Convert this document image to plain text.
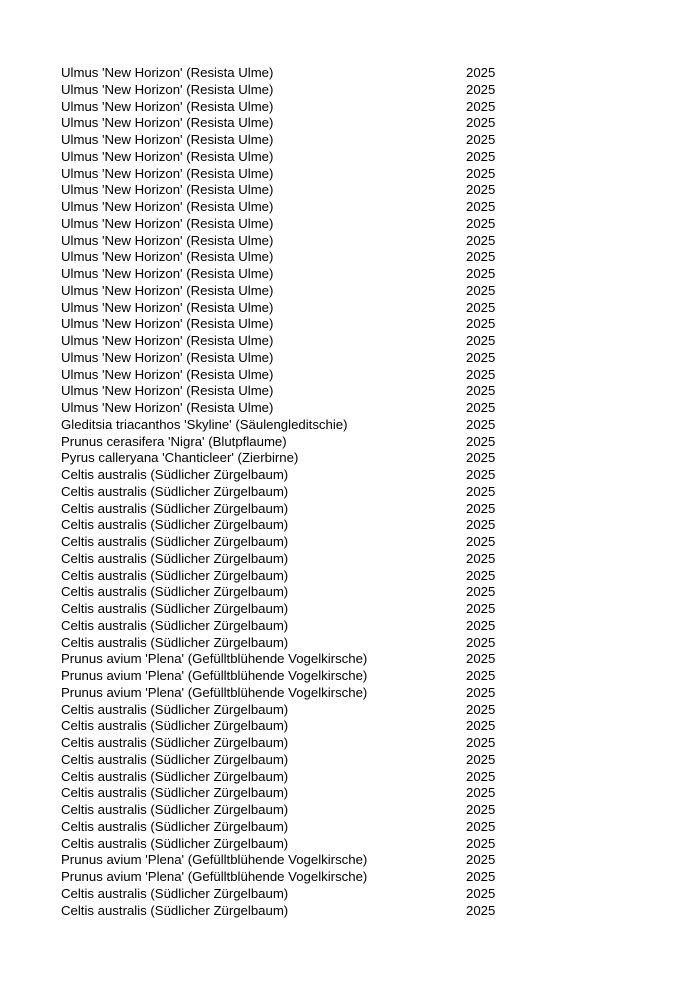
Ulmus 'New Horizon' (Resista Ulme)	2025
Ulmus 'New Horizon' (Resista Ulme)	2025
Ulmus 'New Horizon' (Resista Ulme)	2025
Ulmus 'New Horizon' (Resista Ulme)	2025
Ulmus 'New Horizon' (Resista Ulme)	2025
Ulmus 'New Horizon' (Resista Ulme)	2025
Ulmus 'New Horizon' (Resista Ulme)	2025
Ulmus 'New Horizon' (Resista Ulme)	2025
Ulmus 'New Horizon' (Resista Ulme)	2025
Ulmus 'New Horizon' (Resista Ulme)	2025
Ulmus 'New Horizon' (Resista Ulme)	2025
Ulmus 'New Horizon' (Resista Ulme)	2025
Ulmus 'New Horizon' (Resista Ulme)	2025
Ulmus 'New Horizon' (Resista Ulme)	2025
Ulmus 'New Horizon' (Resista Ulme)	2025
Ulmus 'New Horizon' (Resista Ulme)	2025
Ulmus 'New Horizon' (Resista Ulme)	2025
Ulmus 'New Horizon' (Resista Ulme)	2025
Ulmus 'New Horizon' (Resista Ulme)	2025
Ulmus 'New Horizon' (Resista Ulme)	2025
Ulmus 'New Horizon' (Resista Ulme)	2025
Gleditsia triacanthos 'Skyline' (Säulengleditschie)	2025
Prunus cerasifera 'Nigra' (Blutpflaume)	2025
Pyrus calleryana 'Chanticleer' (Zierbirne)	2025
Celtis australis (Südlicher Zürgelbaum)	2025
Celtis australis (Südlicher Zürgelbaum)	2025
Celtis australis (Südlicher Zürgelbaum)	2025
Celtis australis (Südlicher Zürgelbaum)	2025
Celtis australis (Südlicher Zürgelbaum)	2025
Celtis australis (Südlicher Zürgelbaum)	2025
Celtis australis (Südlicher Zürgelbaum)	2025
Celtis australis (Südlicher Zürgelbaum)	2025
Celtis australis (Südlicher Zürgelbaum)	2025
Celtis australis (Südlicher Zürgelbaum)	2025
Celtis australis (Südlicher Zürgelbaum)	2025
Prunus avium 'Plena' (Gefülltblühende Vogelkirsche)	2025
Prunus avium 'Plena' (Gefülltblühende Vogelkirsche)	2025
Prunus avium 'Plena' (Gefülltblühende Vogelkirsche)	2025
Celtis australis (Südlicher Zürgelbaum)	2025
Celtis australis (Südlicher Zürgelbaum)	2025
Celtis australis (Südlicher Zürgelbaum)	2025
Celtis australis (Südlicher Zürgelbaum)	2025
Celtis australis (Südlicher Zürgelbaum)	2025
Celtis australis (Südlicher Zürgelbaum)	2025
Celtis australis (Südlicher Zürgelbaum)	2025
Celtis australis (Südlicher Zürgelbaum)	2025
Celtis australis (Südlicher Zürgelbaum)	2025
Prunus avium 'Plena' (Gefülltblühende Vogelkirsche)	2025
Prunus avium 'Plena' (Gefülltblühende Vogelkirsche)	2025
Celtis australis (Südlicher Zürgelbaum)	2025
Celtis australis (Südlicher Zürgelbaum)	2025
